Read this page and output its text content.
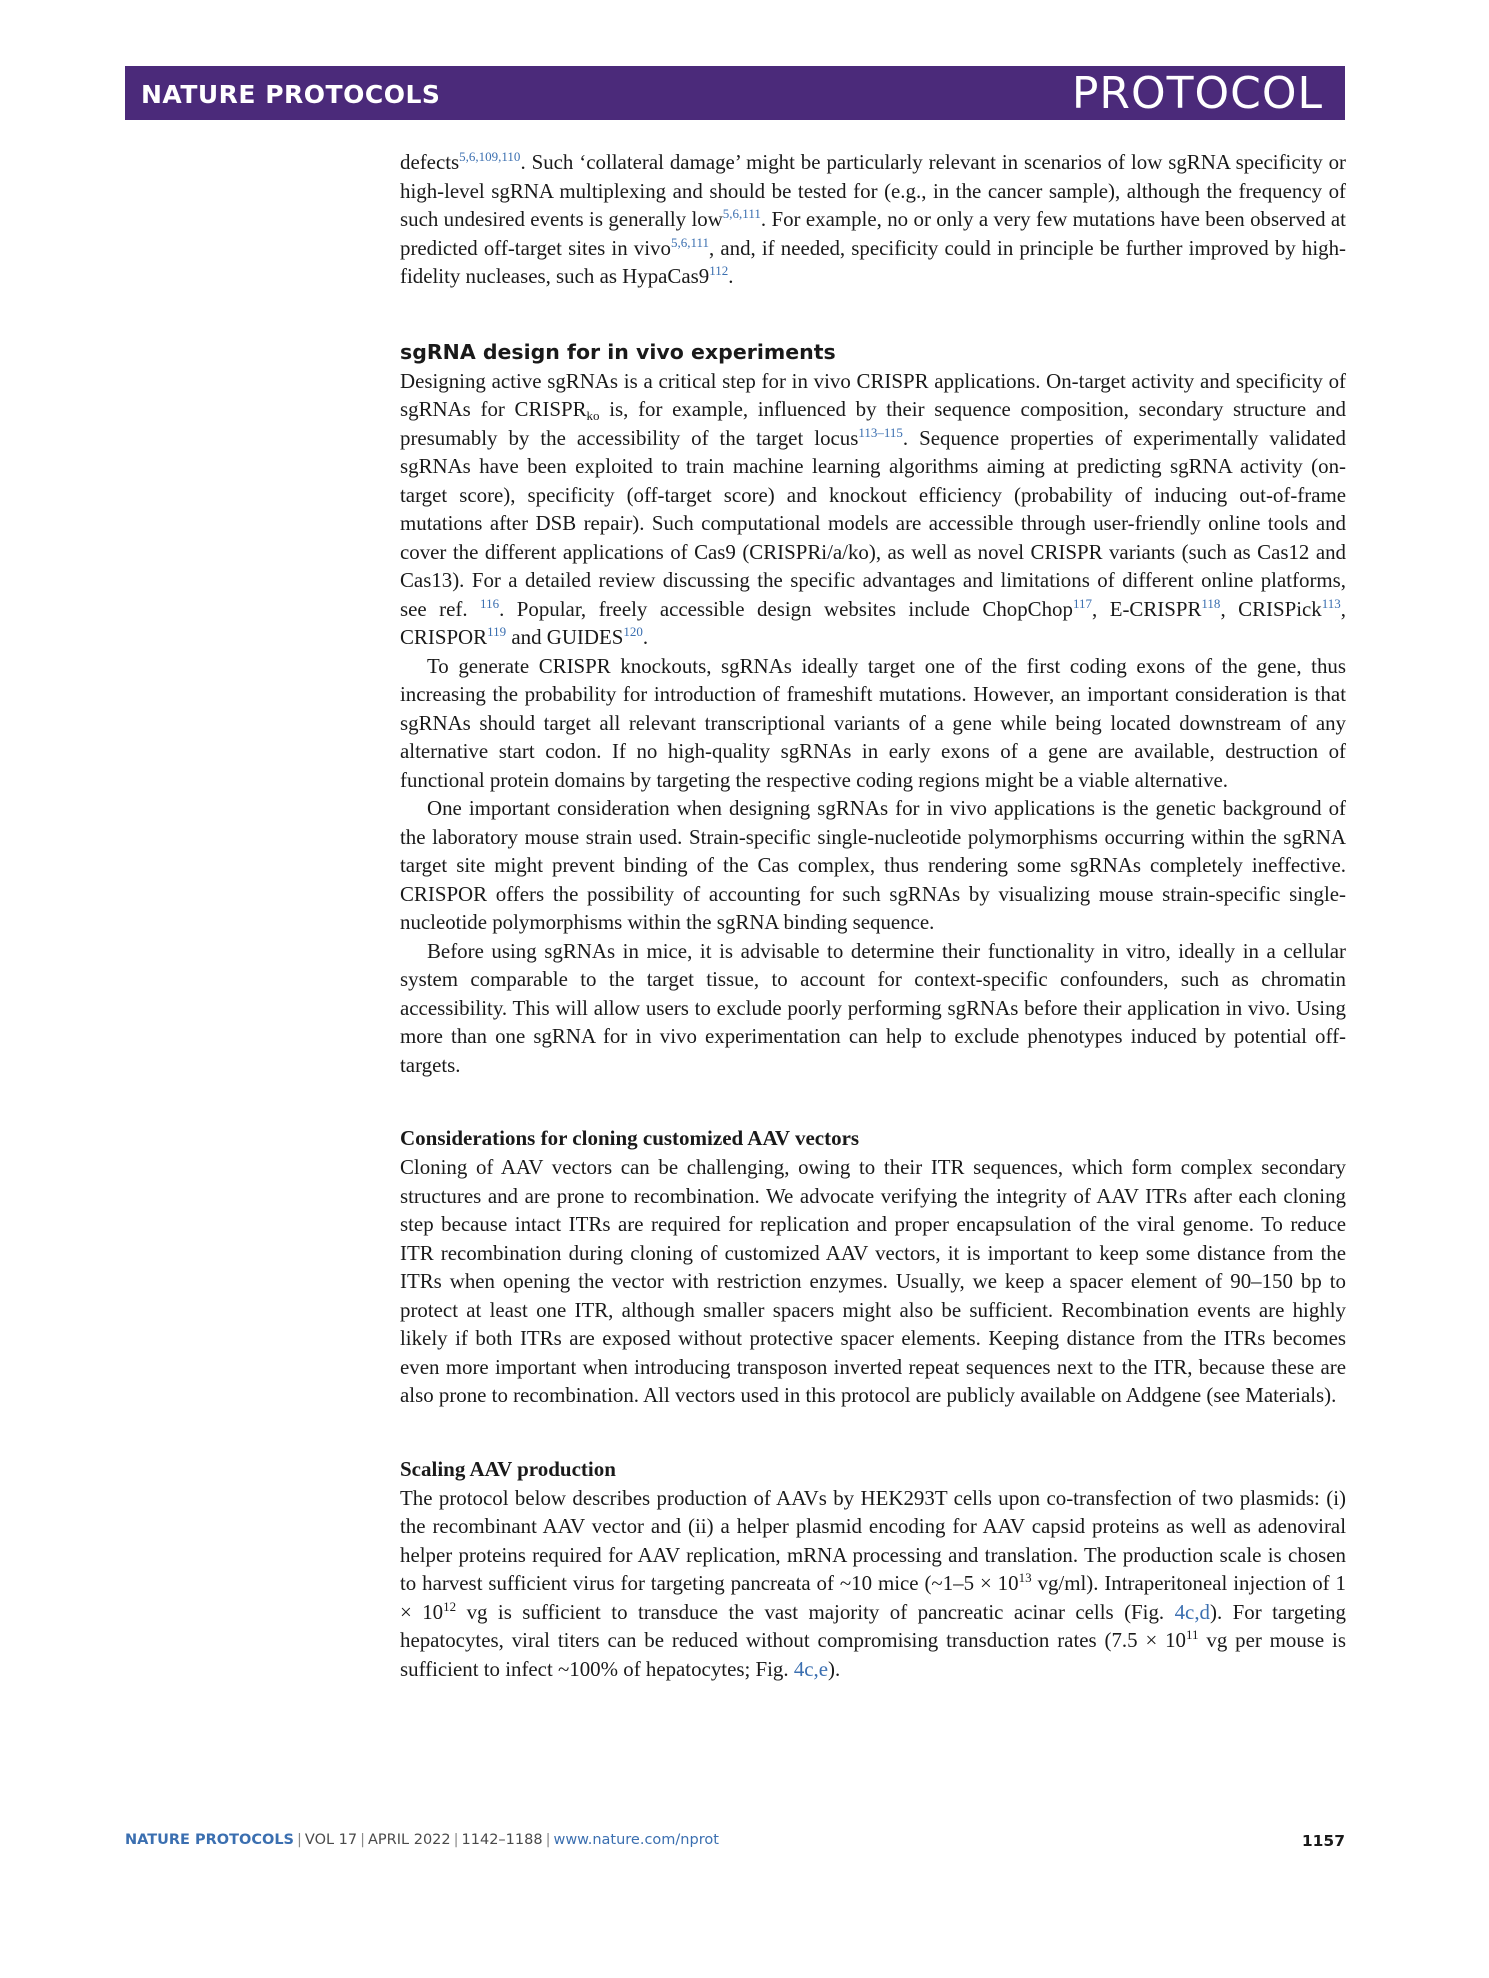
NATURE PROTOCOLS	PROTOCOL

defects$^{5,6,109,110}$. Such ‘collateral damage’ might be particularly relevant in scenarios of low sgRNA specificity or high-level sgRNA multiplexing and should be tested for (e.g., in the cancer sample), although the frequency of such undesired events is generally low$^{5,6,111}$. For example, no or only a very few mutations have been observed at predicted off-target sites in vivo$^{5,6,111}$, and, if needed, specificity could in principle be further improved by high-fidelity nucleases, such as HypaCas9$^{112}$.

sgRNA design for in vivo experiments

Designing active sgRNAs is a critical step for in vivo CRISPR applications. On-target activity and specificity of sgRNAs for $CRISPR_{ko}$ is, for example, influenced by their sequence composition, secondary structure and presumably by the accessibility of the target locus$^{113-115}$. Sequence properties of experimentally validated sgRNAs have been exploited to train machine learning algorithms aiming at predicting sgRNA activity (on-target score), specificity (off-target score) and knockout efficiency (probability of inducing out-of-frame mutations after DSB repair). Such computational models are accessible through user-friendly online tools and cover the different applications of Cas9 (CRISPRi/a/ko), as well as novel CRISPR variants (such as Cas12 and Cas13). For a detailed review discussing the specific advantages and limitations of different online platforms, see ref. $^{116}$. Popular, freely accessible design websites include ChopChop$^{117}$, E-CRISPR$^{118}$, CRISPick$^{113}$, CRISPOR$^{119}$ and GUIDES$^{120}$.

To generate CRISPR knockouts, sgRNAs ideally target one of the first coding exons of the gene, thus increasing the probability for introduction of frameshift mutations. However, an important consideration is that sgRNAs should target all relevant transcriptional variants of a gene while being located downstream of any alternative start codon. If no high-quality sgRNAs in early exons of a gene are available, destruction of functional protein domains by targeting the respective coding regions might be a viable alternative.

One important consideration when designing sgRNAs for in vivo applications is the genetic background of the laboratory mouse strain used. Strain-specific single-nucleotide polymorphisms occurring within the sgRNA target site might prevent binding of the Cas complex, thus rendering some sgRNAs completely ineffective. CRISPOR offers the possibility of accounting for such sgRNAs by visualizing mouse strain-specific single-nucleotide polymorphisms within the sgRNA binding sequence.

Before using sgRNAs in mice, it is advisable to determine their functionality in vitro, ideally in a cellular system comparable to the target tissue, to account for context-specific confounders, such as chromatin accessibility. This will allow users to exclude poorly performing sgRNAs before their application in vivo. Using more than one sgRNA for in vivo experimentation can help to exclude phenotypes induced by potential off-targets.

Considerations for cloning customized AAV vectors

Cloning of AAV vectors can be challenging, owing to their ITR sequences, which form complex secondary structures and are prone to recombination. We advocate verifying the integrity of AAV ITRs after each cloning step because intact ITRs are required for replication and proper encapsulation of the viral genome. To reduce ITR recombination during cloning of customized AAV vectors, it is important to keep some distance from the ITRs when opening the vector with restriction enzymes. Usually, we keep a spacer element of 90–150 bp to protect at least one ITR, although smaller spacers might also be sufficient. Recombination events are highly likely if both ITRs are exposed without protective spacer elements. Keeping distance from the ITRs becomes even more important when introducing transposon inverted repeat sequences next to the ITR, because these are also prone to recombination. All vectors used in this protocol are publicly available on Addgene (see Materials).

Scaling AAV production

The protocol below describes production of AAVs by HEK293T cells upon co-transfection of two plasmids: (i) the recombinant AAV vector and (ii) a helper plasmid encoding for AAV capsid proteins as well as adenoviral helper proteins required for AAV replication, mRNA processing and translation. The production scale is chosen to harvest sufficient virus for targeting pancreata of ~10 mice (~1–5 × $10^{13}$ vg/ml). Intraperitoneal injection of $1 \times 10^{12}$ vg is sufficient to transduce the vast majority of pancreatic acinar cells (Fig. 4c,d). For targeting hepatocytes, viral titers can be reduced without compromising transduction rates ($7.5 \times 10^{11}$ vg per mouse is sufficient to infect ~100% of hepatocytes; Fig. 4c,e).

NATURE PROTOCOLS | VOL 17 | APRIL 2022 | 1142–1188 | www.nature.com/nprot	1157
